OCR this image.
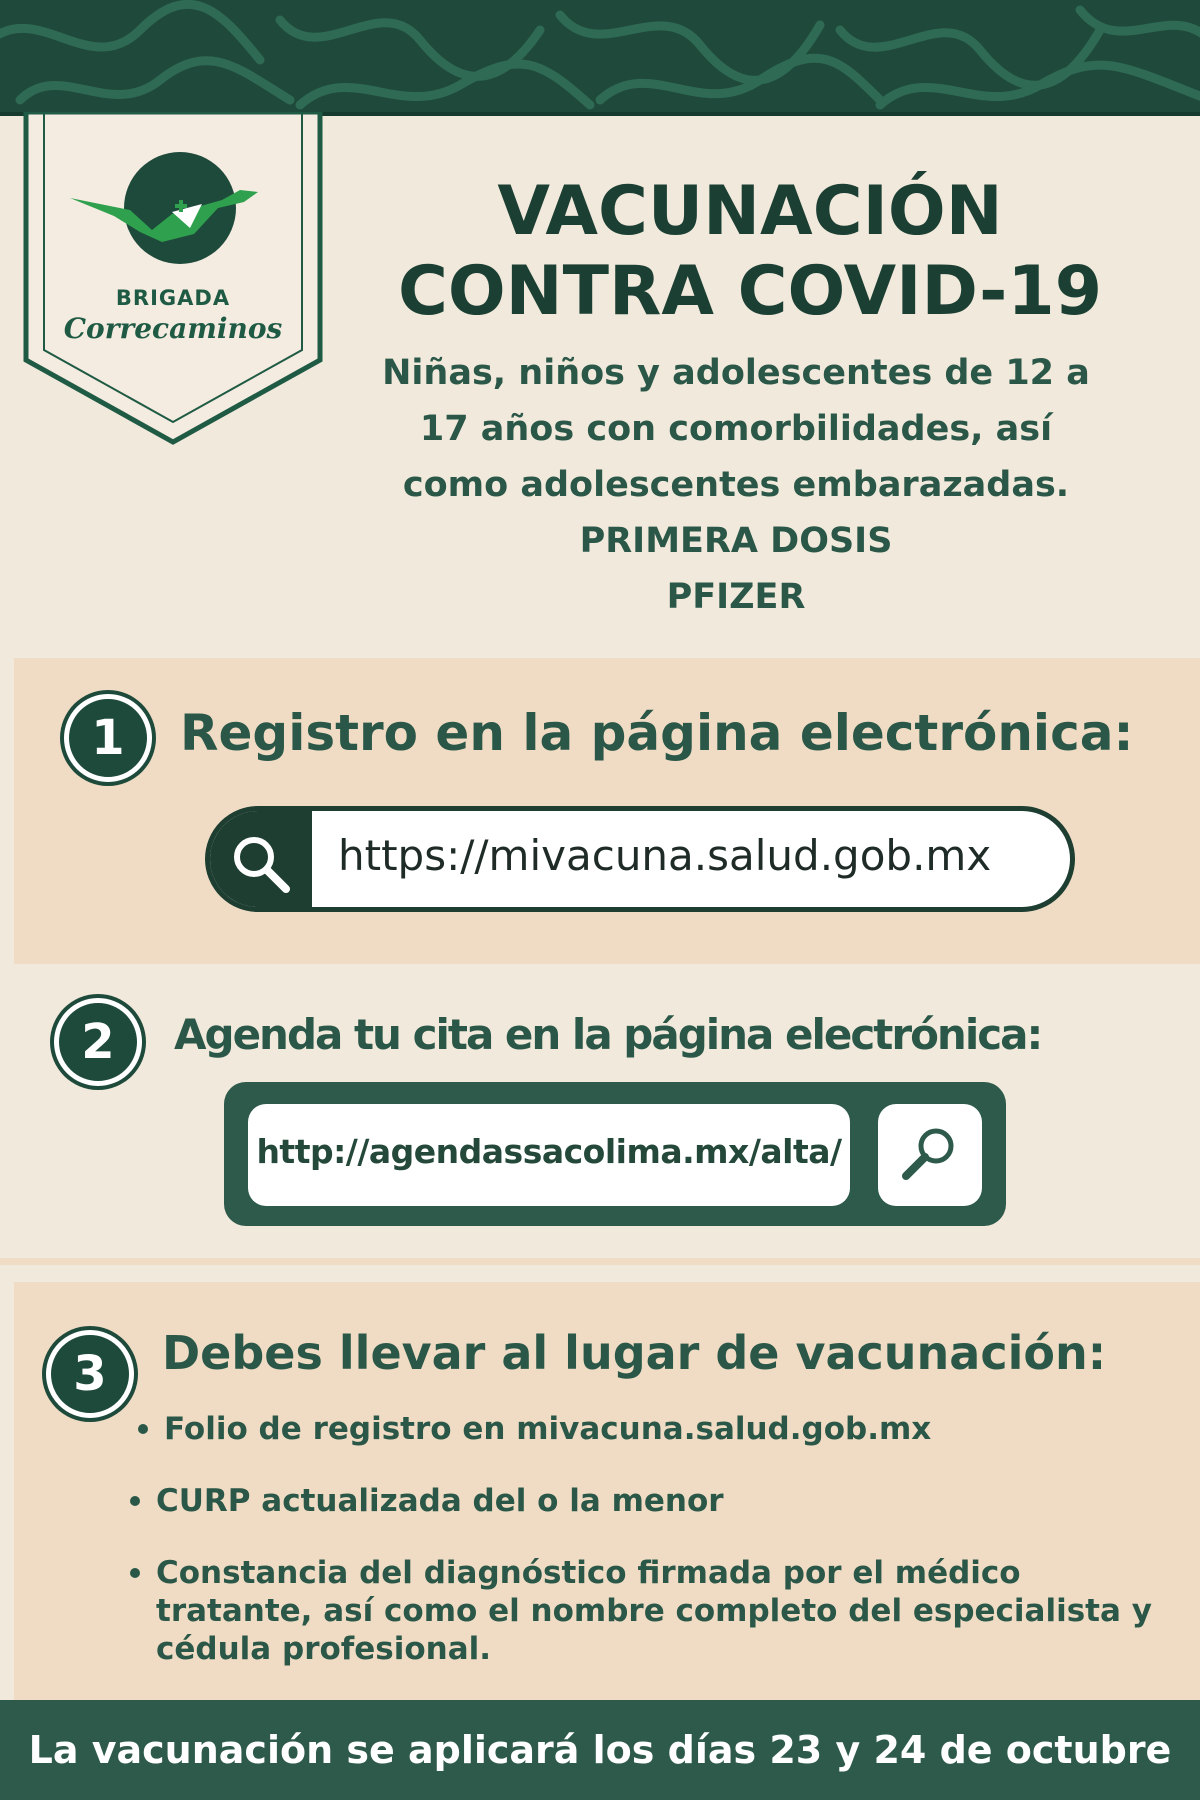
BRIGADA
Correcaminos
VACUNACIÓN
CONTRA COVID-19
Niñas, niños y adolescentes de 12 a
17 años con comorbilidades, así
como adolescentes embarazadas.
PRIMERA DOSIS
PFIZER
1	Registro en la página electrónica:
https://mivacuna.salud.gob.mx
2	Agenda tu cita en la página electrónica:
http://agendassacolima.mx/alta/
3	Debes llevar al lugar de vacunación:
Folio de registro en mivacuna.salud.gob.mx
CURP actualizada del o la menor
Constancia del diagnóstico firmada por el médico tratante, así como el nombre completo del especialista y cédula profesional.
La vacunación se aplicará los días 23 y 24 de octubre
